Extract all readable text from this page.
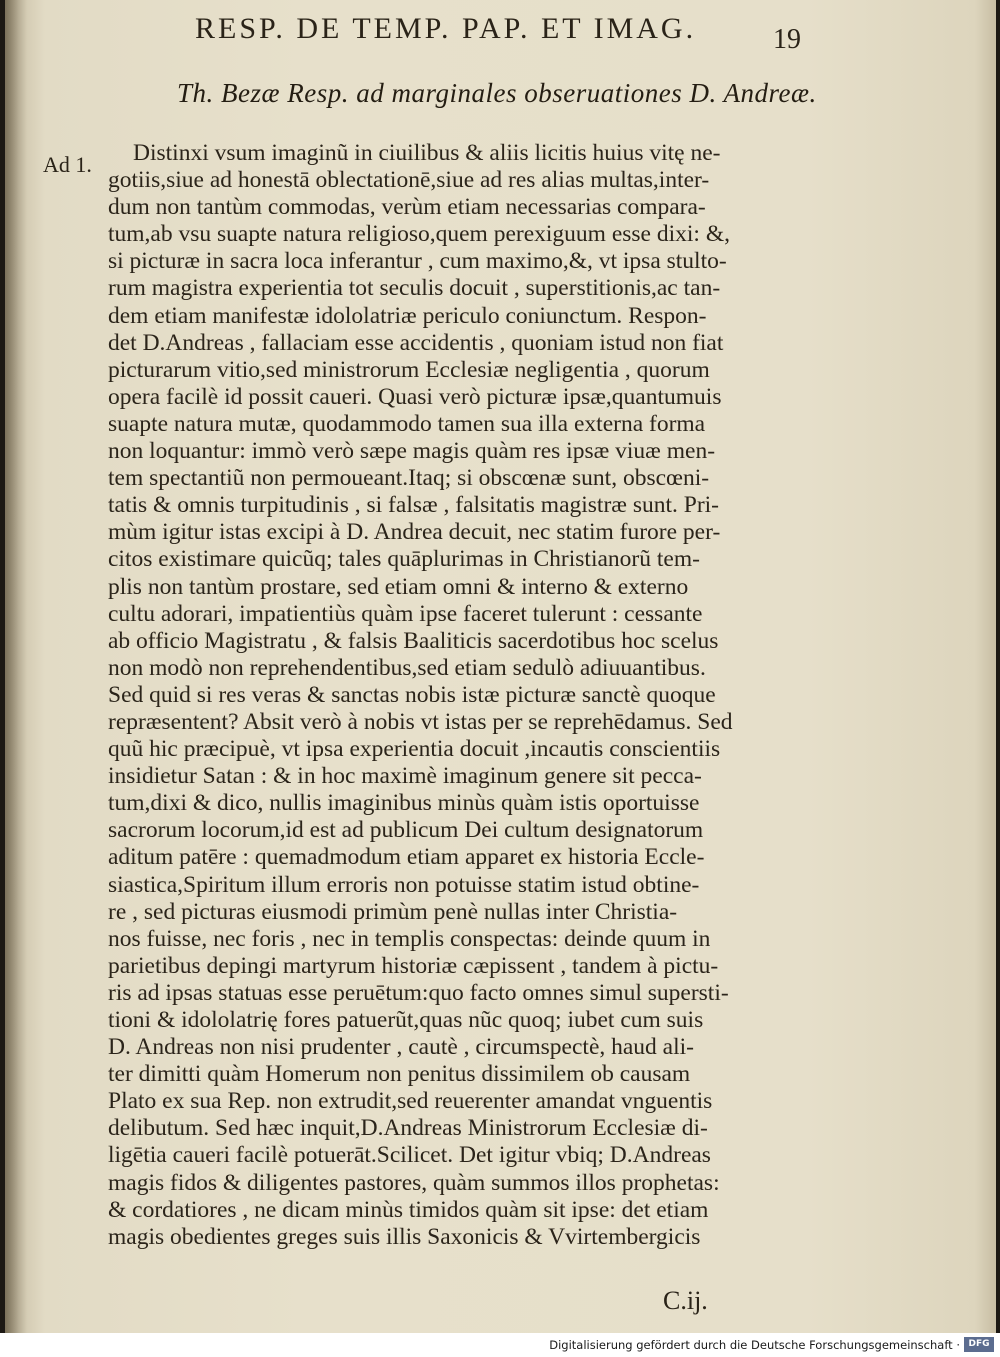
RESP. DE TEMP. PAP. ET IMAG.	19
Th. Bezæ Resp. ad marginales obseruationes D. Andreæ.
Ad 1.	Distinxi vsum imaginũ in ciuilibus & aliis licitis huius vitę ne-
gotiis,siue ad honestā oblectationē,siue ad res alias multas,inter-
dum non tantùm commodas, verùm etiam necessarias compara-
tum,ab vsu suapte natura religioso,quem perexiguum esse dixi: &,
si picturæ in sacra loca inferantur , cum maximo,&, vt ipsa stulto-
rum magistra experientia tot seculis docuit , superstitionis,ac tan-
dem etiam manifestæ idololatriæ periculo coniunctum. Respon-
det D.Andreas , fallaciam esse accidentis , quoniam istud non fiat
picturarum vitio,sed ministrorum Ecclesiæ negligentia , quorum
opera facilè id possit caueri. Quasi verò picturæ ipsæ,quantumuis
suapte natura mutæ, quodammodo tamen sua illa externa forma
non loquantur: immò verò sæpe magis quàm res ipsæ viuæ men-
tem spectantiũ non permoueant.Itaq; si obscœnæ sunt, obscœni-
tatis & omnis turpitudinis , si falsæ , falsitatis magistræ sunt. Pri-
mùm igitur istas excipi à D. Andrea decuit, nec statim furore per-
citos existimare quicũq; tales quāplurimas in Christianorũ tem-
plis non tantùm prostare, sed etiam omni & interno & externo
cultu adorari, impatientiùs quàm ipse faceret tulerunt : cessante
ab officio Magistratu , & falsis Baaliticis sacerdotibus hoc scelus
non modò non reprehendentibus,sed etiam sedulò adiuuantibus.
Sed quid si res veras & sanctas nobis istæ picturæ sanctè quoque
repræsentent? Absit verò à nobis vt istas per se reprehēdamus. Sed
quũ hic præcipuè, vt ipsa experientia docuit ,incautis conscientiis
insidietur Satan : & in hoc maximè imaginum genere sit pecca-
tum,dixi & dico, nullis imaginibus minùs quàm istis oportuisse
sacrorum locorum,id est ad publicum Dei cultum designatorum
aditum patēre : quemadmodum etiam apparet ex historia Eccle-
siastica,Spiritum illum erroris non potuisse statim istud obtine-
re , sed picturas eiusmodi primùm penè nullas inter Christia-
nos fuisse, nec foris , nec in templis conspectas: deinde quum in
parietibus depingi martyrum historiæ cæpissent , tandem à pictu-
ris ad ipsas statuas esse peruētum:quo facto omnes simul supersti-
tioni & idololatrię fores patuerũt,quas nũc quoq; iubet cum suis
D. Andreas non nisi prudenter , cautè , circumspectè, haud ali-
ter dimitti quàm Homerum non penitus dissimilem ob causam
Plato ex sua Rep. non extrudit,sed reuerenter amandat vnguentis
delibutum. Sed hæc inquit,D.Andreas Ministrorum Ecclesiæ di-
ligētia caueri facilè potuerāt.Scilicet. Det igitur vbiq; D.Andreas
magis fidos & diligentes pastores, quàm summos illos prophetas:
& cordatiores , ne dicam minùs timidos quàm sit ipse: det etiam
magis obedientes greges suis illis Saxonicis & Vvirtembergicis
C.ij.
Digitalisierung gefördert durch die Deutsche Forschungsgemeinschaft · DFG
